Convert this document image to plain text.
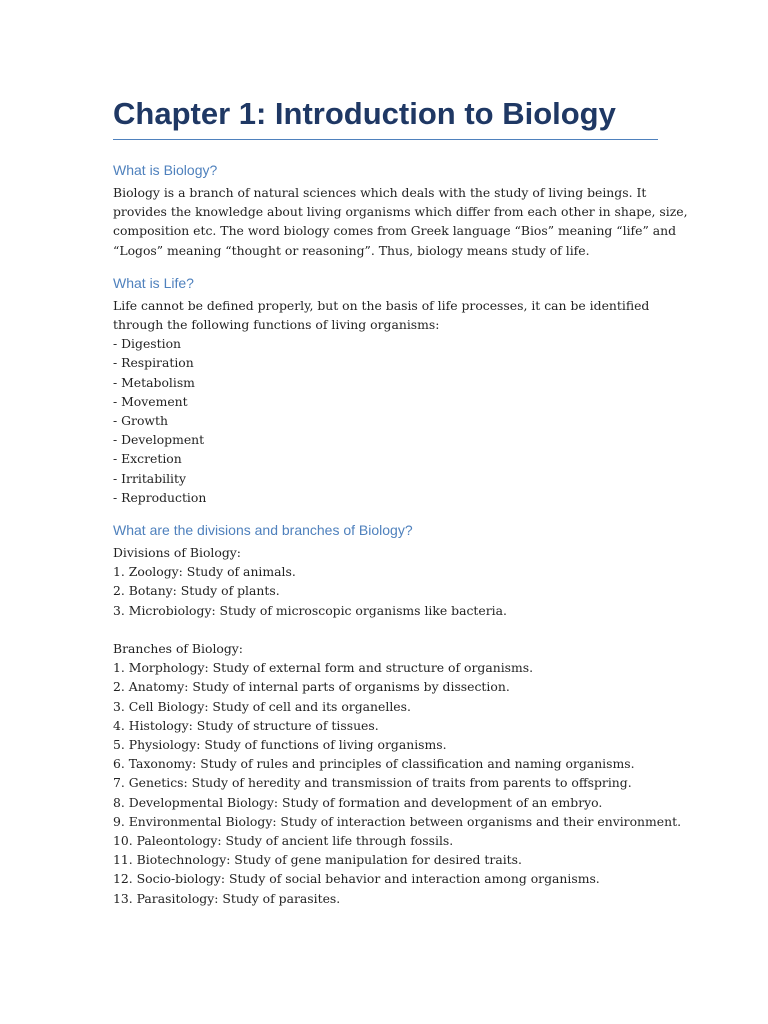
Chapter 1: Introduction to Biology
What is Biology?

Biology is a branch of natural sciences which deals with the study of living beings. It

provides the knowledge about living organisms which differ from each other in shape, size,

composition etc. The word biology comes from Greek language “Bios” meaning “life” and

“Logos” meaning “thought or reasoning”. Thus, biology means study of life.

What is Life?

Life cannot be defined properly, but on the basis of life processes, it can be identified

through the following functions of living organisms:

- Digestion

- Respiration

- Metabolism

- Movement

- Growth

- Development

- Excretion

- Irritability

- Reproduction

What are the divisions and branches of Biology?

Divisions of Biology:

1. Zoology: Study of animals.

2. Botany: Study of plants.

3. Microbiology: Study of microscopic organisms like bacteria.

Branches of Biology:

1. Morphology: Study of external form and structure of organisms.

2. Anatomy: Study of internal parts of organisms by dissection.

3. Cell Biology: Study of cell and its organelles.

4. Histology: Study of structure of tissues.

5. Physiology: Study of functions of living organisms.

6. Taxonomy: Study of rules and principles of classification and naming organisms.

7. Genetics: Study of heredity and transmission of traits from parents to offspring.

8. Developmental Biology: Study of formation and development of an embryo.

9. Environmental Biology: Study of interaction between organisms and their environment.

10. Paleontology: Study of ancient life through fossils.

11. Biotechnology: Study of gene manipulation for desired traits.

12. Socio-biology: Study of social behavior and interaction among organisms.

13. Parasitology: Study of parasites.
